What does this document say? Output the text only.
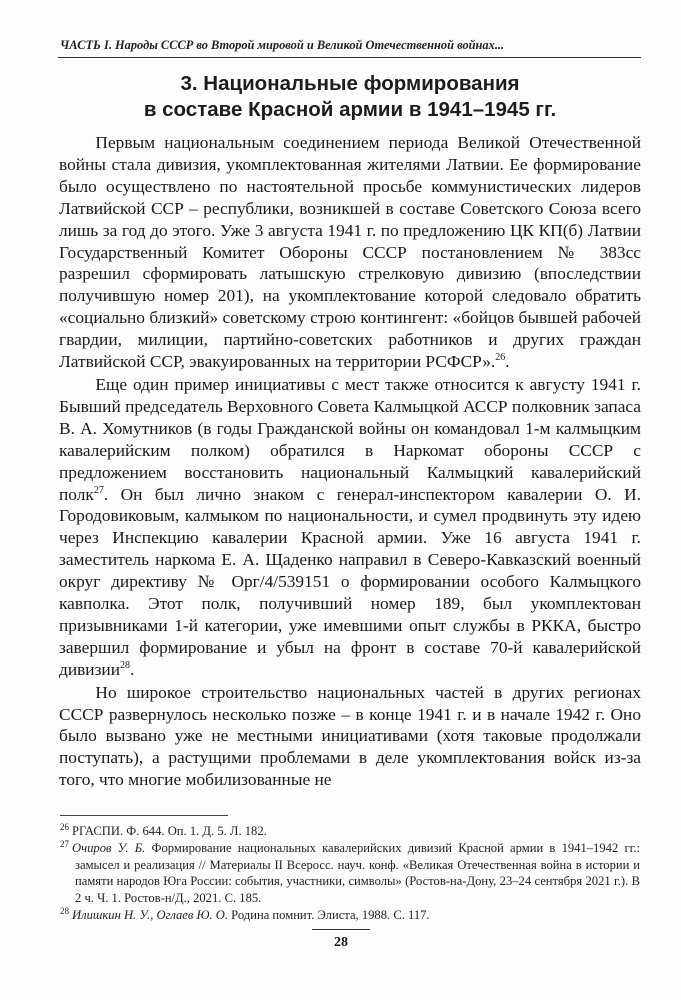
ЧАСТЬ I. Народы СССР во Второй мировой и Великой Отечественной войнах...
3. Национальные формирования
в составе Красной армии в 1941–1945 гг.

Первым национальным соединением периода Великой Отечественной войны стала дивизия, укомплектованная жителями Латвии. Ее формирование было осуществлено по настоятельной просьбе коммунистических лидеров Латвийской ССР – республики, возникшей в составе Советского Союза всего лишь за год до этого. Уже 3 августа 1941 г. по предложению ЦК КП(б) Латвии Государственный Комитет Обороны СССР постановлением № 383сс разрешил сформировать латышскую стрелковую дивизию (впоследствии получившую номер 201), на укомплектование которой следовало обратить «социально близкий» советскому строю контингент: «бойцов бывшей рабочей гвардии, милиции, партийно-советских работников и других граждан Латвийской ССР, эвакуированных на территории РСФСР».$^{26}$.

Еще один пример инициативы с мест также относится к августу 1941 г. Бывший председатель Верховного Совета Калмыцкой АССР полковник запаса В. А. Хомутников (в годы Гражданской войны он командовал 1-м калмыцким кавалерийским полком) обратился в Наркомат обороны СССР с предложением восстановить национальный Калмыцкий кавалерийский полк$^{27}$. Он был лично знаком с генерал-инспектором кавалерии О. И. Городовиковым, калмыком по национальности, и сумел продвинуть эту идею через Инспекцию кавалерии Красной армии. Уже 16 августа 1941 г. заместитель наркома Е. А. Щаденко направил в Северо-Кавказский военный округ директиву № Орг/4/539151 о формировании особого Калмыцкого кавполка. Этот полк, получивший номер 189, был укомплектован призывниками 1-й категории, уже имевшими опыт службы в РККА, быстро завершил формирование и убыл на фронт в составе 70-й кавалерийской дивизии$^{28}$.

Но широкое строительство национальных частей в других регионах СССР развернулось несколько позже – в конце 1941 г. и в начале 1942 г. Оно было вызвано уже не местными инициативами (хотя таковые продолжали поступать), а растущими проблемами в деле укомплектования войск из-за того, что многие мобилизованные не

$^{26}$ РГАСПИ. Ф. 644. Оп. 1. Д. 5. Л. 182.

$^{27}$ Очиров У. Б. Формирование национальных кавалерийских дивизий Красной армии в 1941–1942 гг.: замысел и реализация // Материалы II Всеросс. науч. конф. «Великая Отечественная война в истории и памяти народов Юга России: события, участники, символы» (Ростов-на-Дону, 23–24 сентября 2021 г.). В 2 ч. Ч. 1. Ростов-н/Д., 2021. С. 185.

$^{28}$ Илишкин Н. У., Оглаев Ю. О. Родина помнит. Элиста, 1988. С. 117.

28
